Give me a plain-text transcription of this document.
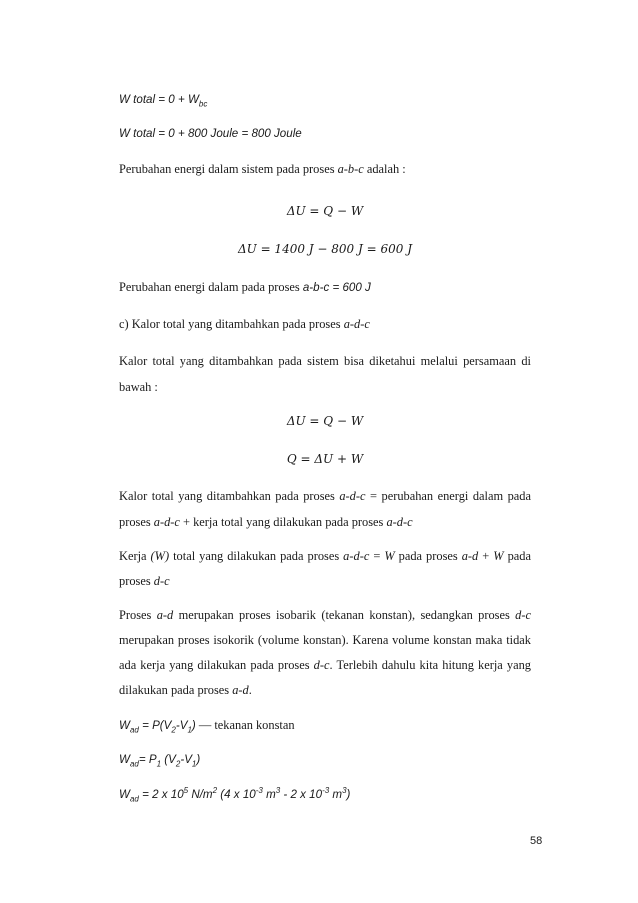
W total = $0 + W_{bc}$
W total = 0 + 800 Joule = 800 Joule
Perubahan energi dalam sistem pada proses a-b-c adalah :
ΔU = Q − W
ΔU = 1400 J − 800 J = 600 J
Perubahan energi dalam pada proses a-b-c = 600 J
c) Kalor total yang ditambahkan pada proses a-d-c
Kalor total yang ditambahkan pada sistem bisa diketahui melalui persamaan di
bawah :
ΔU = Q − W
Q = ΔU + W
Kalor total yang ditambahkan pada proses a-d-c = perubahan energi dalam pada
proses a-d-c + kerja total yang dilakukan pada proses a-d-c
Kerja (W) total yang dilakukan pada proses a-d-c = W pada proses a-d + W pada
proses d-c
Proses a-d merupakan proses isobarik (tekanan konstan), sedangkan proses d-c
merupakan proses isokorik (volume konstan). Karena volume konstan maka tidak
ada kerja yang dilakukan pada proses d-c. Terlebih dahulu kita hitung kerja yang
dilakukan pada proses a-d.
$W_{ad} = P(V_2-V_1)$ — tekanan konstan
$W_{ad}= P_1$ $(V_2-V_1)$
$W_{ad} = 2$ x $10^5$ $N/m^2$ (4 x $10^{-3}$ $m^3 - 2$ x $10^{-3}$ $m^3$)
58
